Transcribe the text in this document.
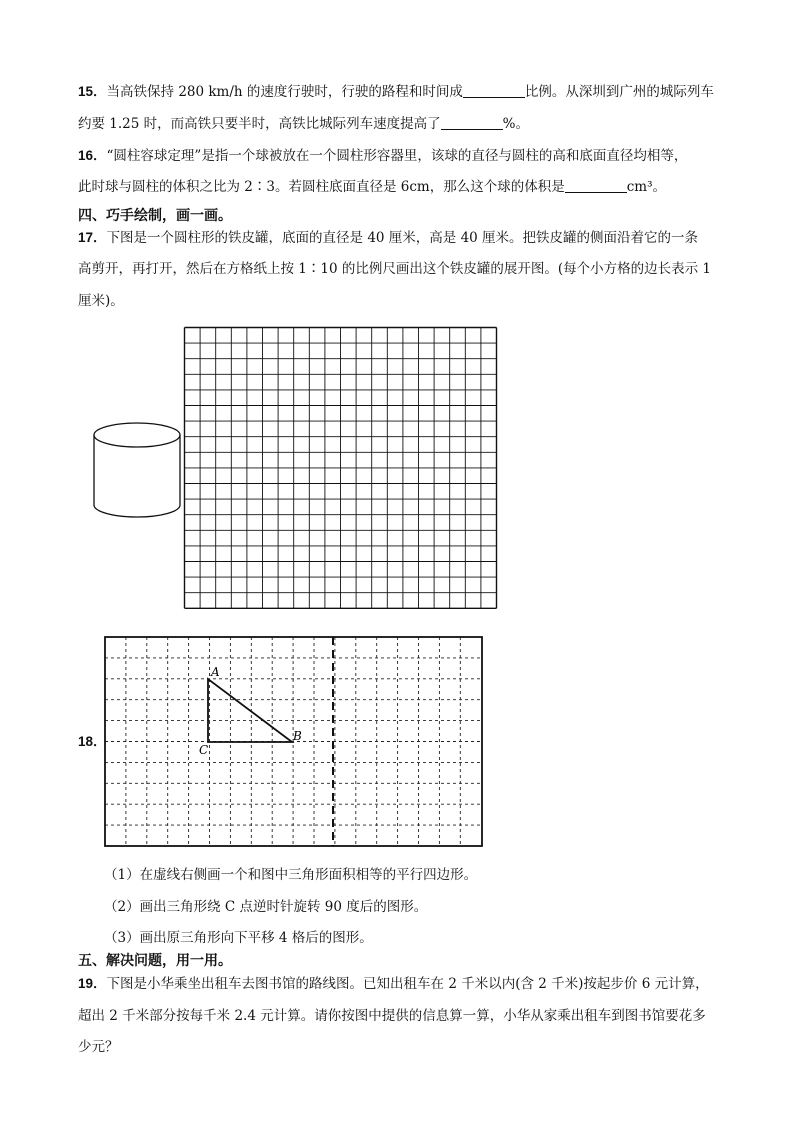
15．当高铁保持 280 km/h 的速度行驶时，行驶的路程和时间成	比例。从深圳到广州的城际列车
约要 1.25 时，而高铁只要半时，高铁比城际列车速度提高了	%。
16．“圆柱容球定理”是指一个球被放在一个圆柱形容器里，该球的直径与圆柱的高和底面直径均相等，
此时球与圆柱的体积之比为 2∶3。若圆柱底面直径是 6cm，那么这个球的体积是	cm³。
四、巧手绘制，画一画。
17．下图是一个圆柱形的铁皮罐，底面的直径是 40 厘米，高是 40 厘米。把铁皮罐的侧面沿着它的一条
高剪开，再打开，然后在方格纸上按 1∶10 的比例尺画出这个铁皮罐的展开图。(每个小方格的边长表示 1
厘米)。
18．
A
B
C
（1）在虚线右侧画一个和图中三角形面积相等的平行四边形。
（2）画出三角形绕 C 点逆时针旋转 90 度后的图形。
（3）画出原三角形向下平移 4 格后的图形。
五、解决问题，用一用。
19．下图是小华乘坐出租车去图书馆的路线图。已知出租车在 2 千米以内(含 2 千米)按起步价 6 元计算，
超出 2 千米部分按每千米 2.4 元计算。请你按图中提供的信息算一算，小华从家乘出租车到图书馆要花多
少元？
